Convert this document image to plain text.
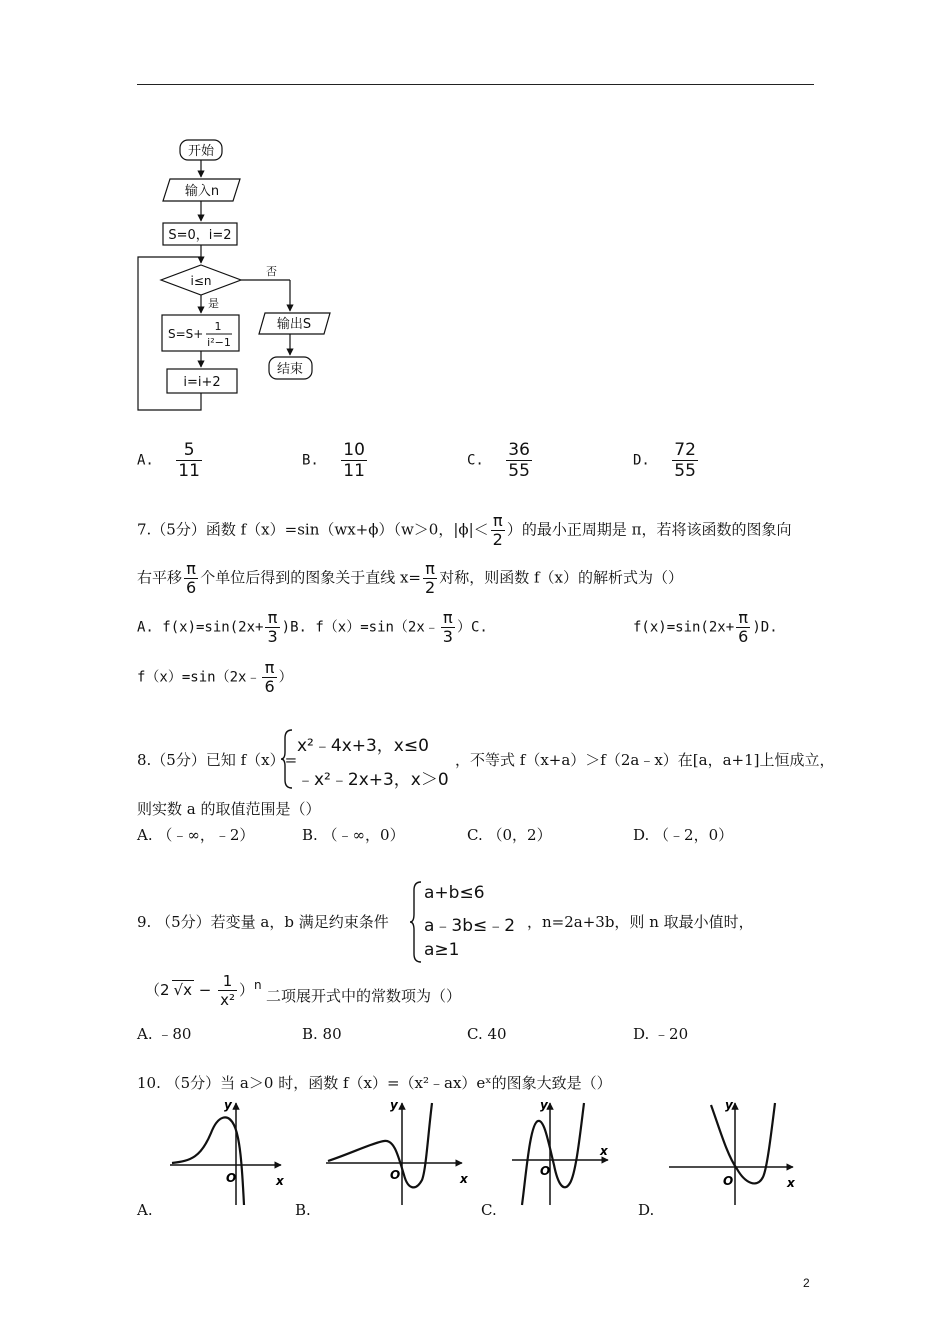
开始
输入n
S=0，i=2
i≤n
否
是
S=S+
1
i²−1
i=i+2
输出S
结束
A. $\frac{5}{11}$	B. $\frac{10}{11}$	C. $\frac{36}{55}$	D. $\frac{72}{55}$
7.（5分）函数 f（x）=sin（wx+ϕ）（w＞0，$|\phi|< \frac{\pi}{2}$ ）的最小正周期是 π，若将该函数的图象向
右平移 $\frac{\pi}{6}$ 个单位后得到的图象关于直线 $x= \frac{\pi}{2}$ 对称，则函数 f（x）的解析式为（）
A. $f(x)=\sin(2x+ \frac{\pi}{3} )B$. f（x）=sin（2x﹣ $\frac{\pi}{3} )C$.	$f(x)=\sin(2x+ \frac{\pi}{6} )D$.
f（x）=sin（2x﹣ $\frac{\pi}{6}$ ）
8.（5分）已知 f（x）=
x²﹣4x+3，x≤0
﹣x²﹣2x+3，x＞0
，不等式 f（x+a）＞f（2a﹣x）在[a，a+1]上恒成立，
则实数 a 的取值范围是（）
A. （﹣∞，﹣2）	B. （﹣∞，0）	C. （0，2）	D. （﹣2，0）
9. （5分）若变量 a，b 满足约束条件
a+b≤6
a﹣3b≤﹣2
a≥1
，n=2a+3b，则 n 取最小值时，
（2 $√x - \frac{1}{\text{x²}} )^n$
二项展开式中的常数项为（）
A. ﹣80	B. 80	C. 40	D. ﹣20
10. （5分）当 a＞0 时，函数 f（x）=（x²﹣ax）eˣ的图象大致是（）
y
x
O
y
x
O
y
x
O
y
x
O
A.	B.	C.	D.
2
